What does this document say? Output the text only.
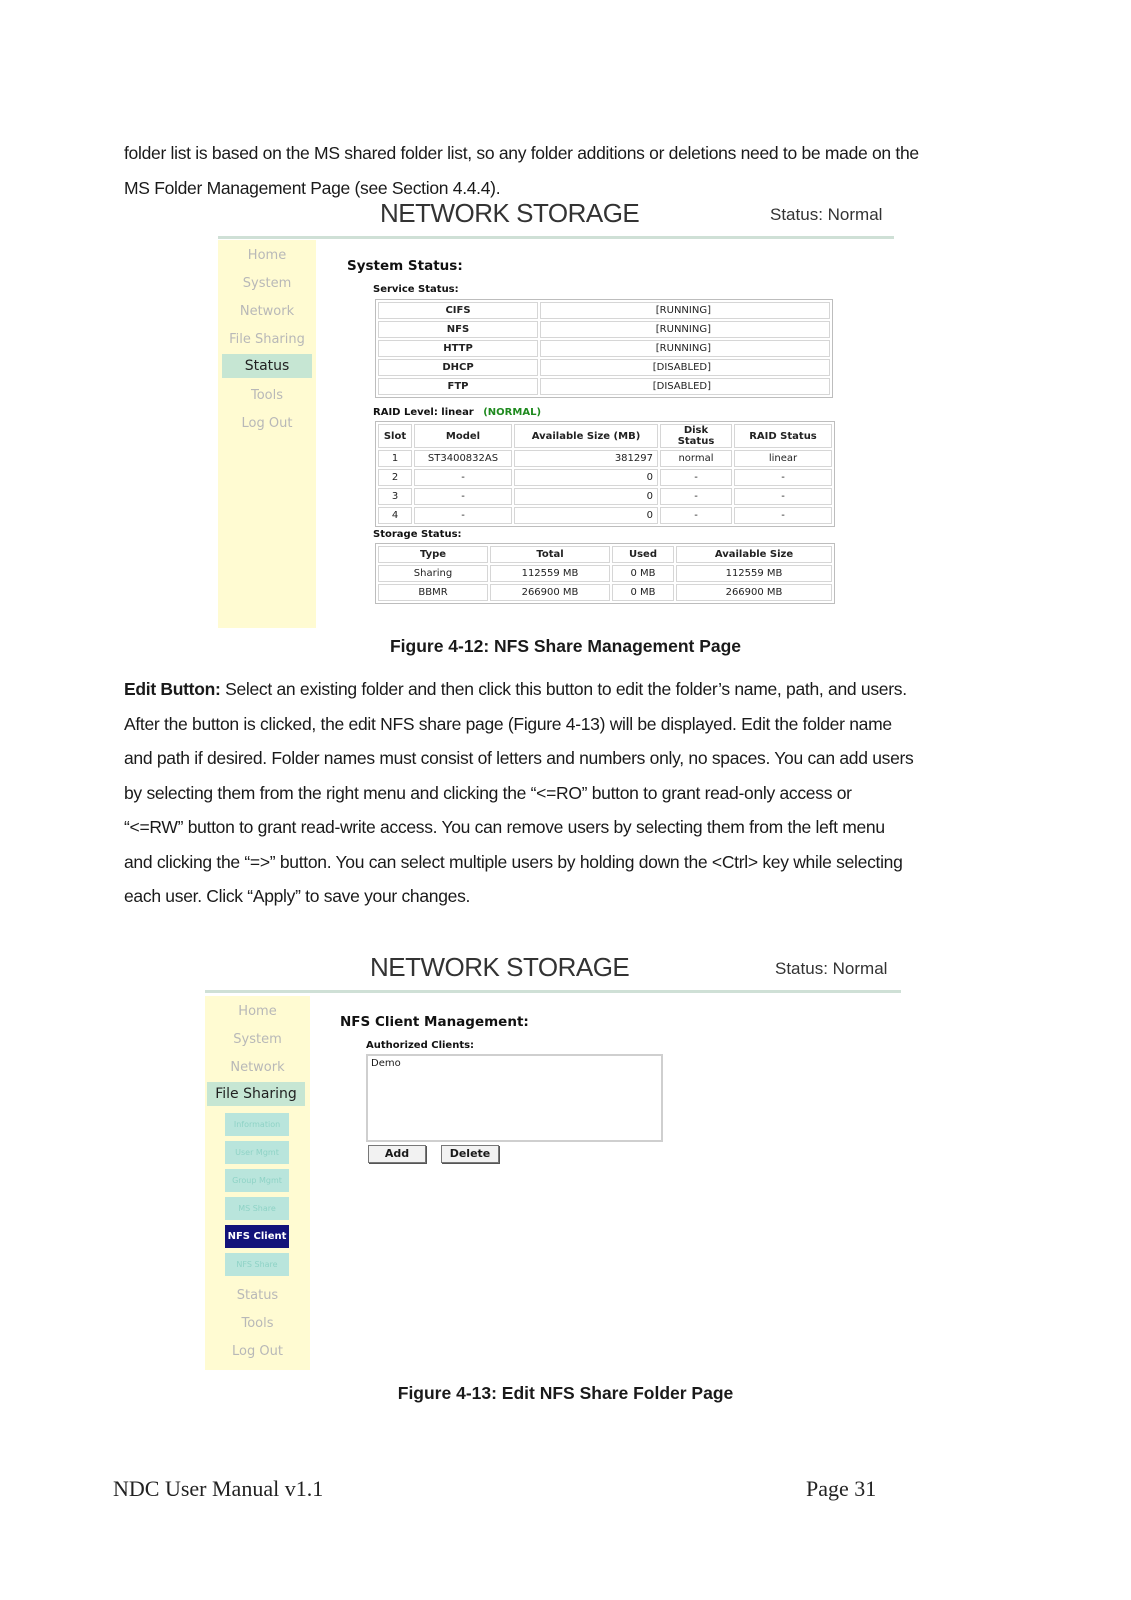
folder list is based on the MS shared folder list, so any folder additions or deletions need to be made on the

MS Folder Management Page (see Section 4.4.4).

NETWORK STORAGE	Status: Normal
Home
System
Network
File Sharing
Status
Tools
Log Out
System Status:
Service Status:
CIFS	[RUNNING]
NFS	[RUNNING]
HTTP	[RUNNING]
DHCP	[DISABLED]
FTP	[DISABLED]
RAID Level: linear (NORMAL)
Slot	Model	Available Size (MB)	Disk Status	RAID Status
1	ST3400832AS	381297	normal	linear
2	-	0	-	-
3	-	0	-	-
4	-	0	-	-
Storage Status:
Type	Total	Used	Available Size
Sharing	112559 MB	0 MB	112559 MB
BBMR	266900 MB	0 MB	266900 MB
Figure 4-12: NFS Share Management Page

Edit Button: Select an existing folder and then click this button to edit the folder’s name, path, and users.

After the button is clicked, the edit NFS share page (Figure 4-13) will be displayed. Edit the folder name

and path if desired. Folder names must consist of letters and numbers only, no spaces. You can add users

by selecting them from the right menu and clicking the “<=RO” button to grant read-only access or

“<=RW” button to grant read-write access. You can remove users by selecting them from the left menu

and clicking the “=>” button. You can select multiple users by holding down the <Ctrl> key while selecting

each user. Click “Apply” to save your changes.

NETWORK STORAGE	Status: Normal
Home
System
Network
File Sharing
Information
User Mgmt
Group Mgmt
MS Share
NFS Client
NFS Share
Status
Tools
Log Out
NFS Client Management:
Authorized Clients:
Demo
Add	Delete
Figure 4-13: Edit NFS Share Folder Page
NDC User Manual v1.1	Page 31
